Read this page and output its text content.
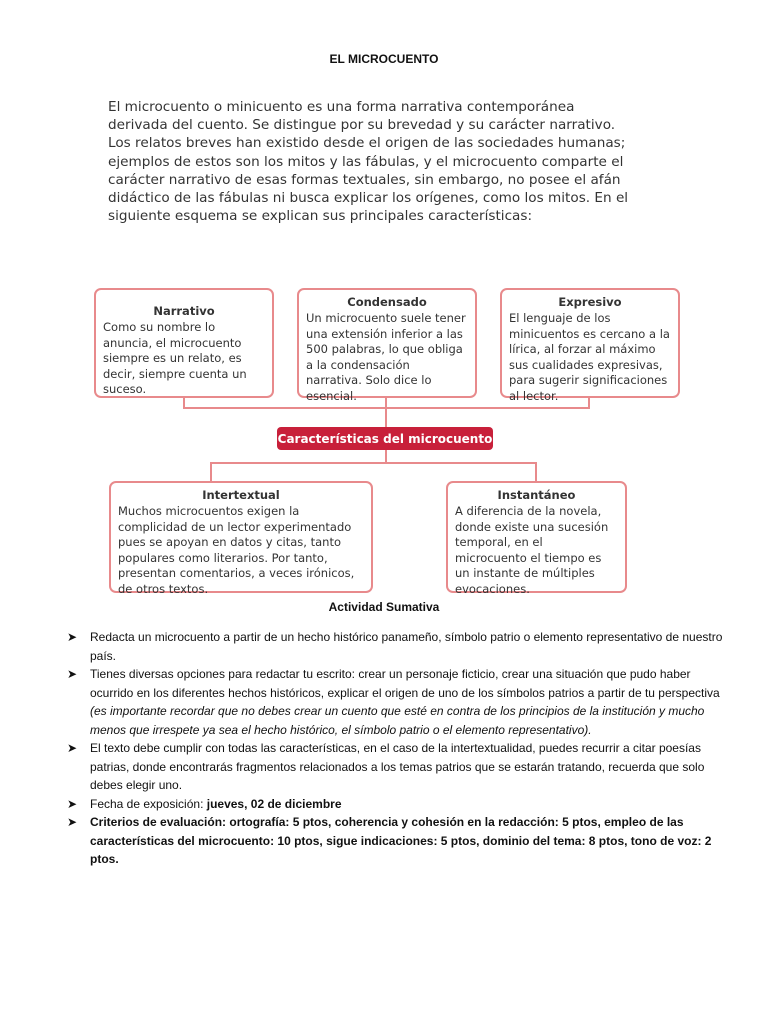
EL MICROCUENTO
El microcuento o minicuento es una forma narrativa contemporánea derivada del cuento. Se distingue por su brevedad y su carácter narrativo. Los relatos breves han existido desde el origen de las sociedades humanas; ejemplos de estos son los mitos y las fábulas, y el microcuento comparte el carácter narrativo de esas formas textuales, sin embargo, no posee el afán didáctico de las fábulas ni busca explicar los orígenes, como los mitos. En el siguiente esquema se explican sus principales características:
Narrativo
Como su nombre lo anuncia, el microcuento siempre es un relato, es decir, siempre cuenta un suceso.
Condensado
Un microcuento suele tener una extensión inferior a las 500 palabras, lo que obliga a la condensación narrativa. Solo dice lo esencial.
Expresivo
El lenguaje de los minicuentos es cercano a la lírica, al forzar al máximo sus cualidades expresivas, para sugerir significaciones al lector.
Características del microcuento
Intertextual
Muchos microcuentos exigen la complicidad de un lector experimentado pues se apoyan en datos y citas, tanto populares como literarios. Por tanto, presentan comentarios, a veces irónicos, de otros textos.
Instantáneo
A diferencia de la novela, donde existe una sucesión temporal, en el microcuento el tiempo es un instante de múltiples evocaciones.
Actividad Sumativa
➤ Redacta un microcuento a partir de un hecho histórico panameño, símbolo patrio o elemento representativo de nuestro país.
➤ Tienes diversas opciones para redactar tu escrito: crear un personaje ficticio, crear una situación que pudo haber ocurrido en los diferentes hechos históricos, explicar el origen de uno de los símbolos patrios a partir de tu perspectiva (es importante recordar que no debes crear un cuento que esté en contra de los principios de la institución y mucho menos que irrespete ya sea el hecho histórico, el símbolo patrio o el elemento representativo).
➤ El texto debe cumplir con todas las características, en el caso de la intertextualidad, puedes recurrir a citar poesías patrias, donde encontrarás fragmentos relacionados a los temas patrios que se estarán tratando, recuerda que solo debes elegir uno.
➤ Fecha de exposición: jueves, 02 de diciembre
➤ Criterios de evaluación: ortografía: 5 ptos, coherencia y cohesión en la redacción: 5 ptos, empleo de las características del microcuento: 10 ptos, sigue indicaciones: 5 ptos, dominio del tema: 8 ptos, tono de voz: 2 ptos.
